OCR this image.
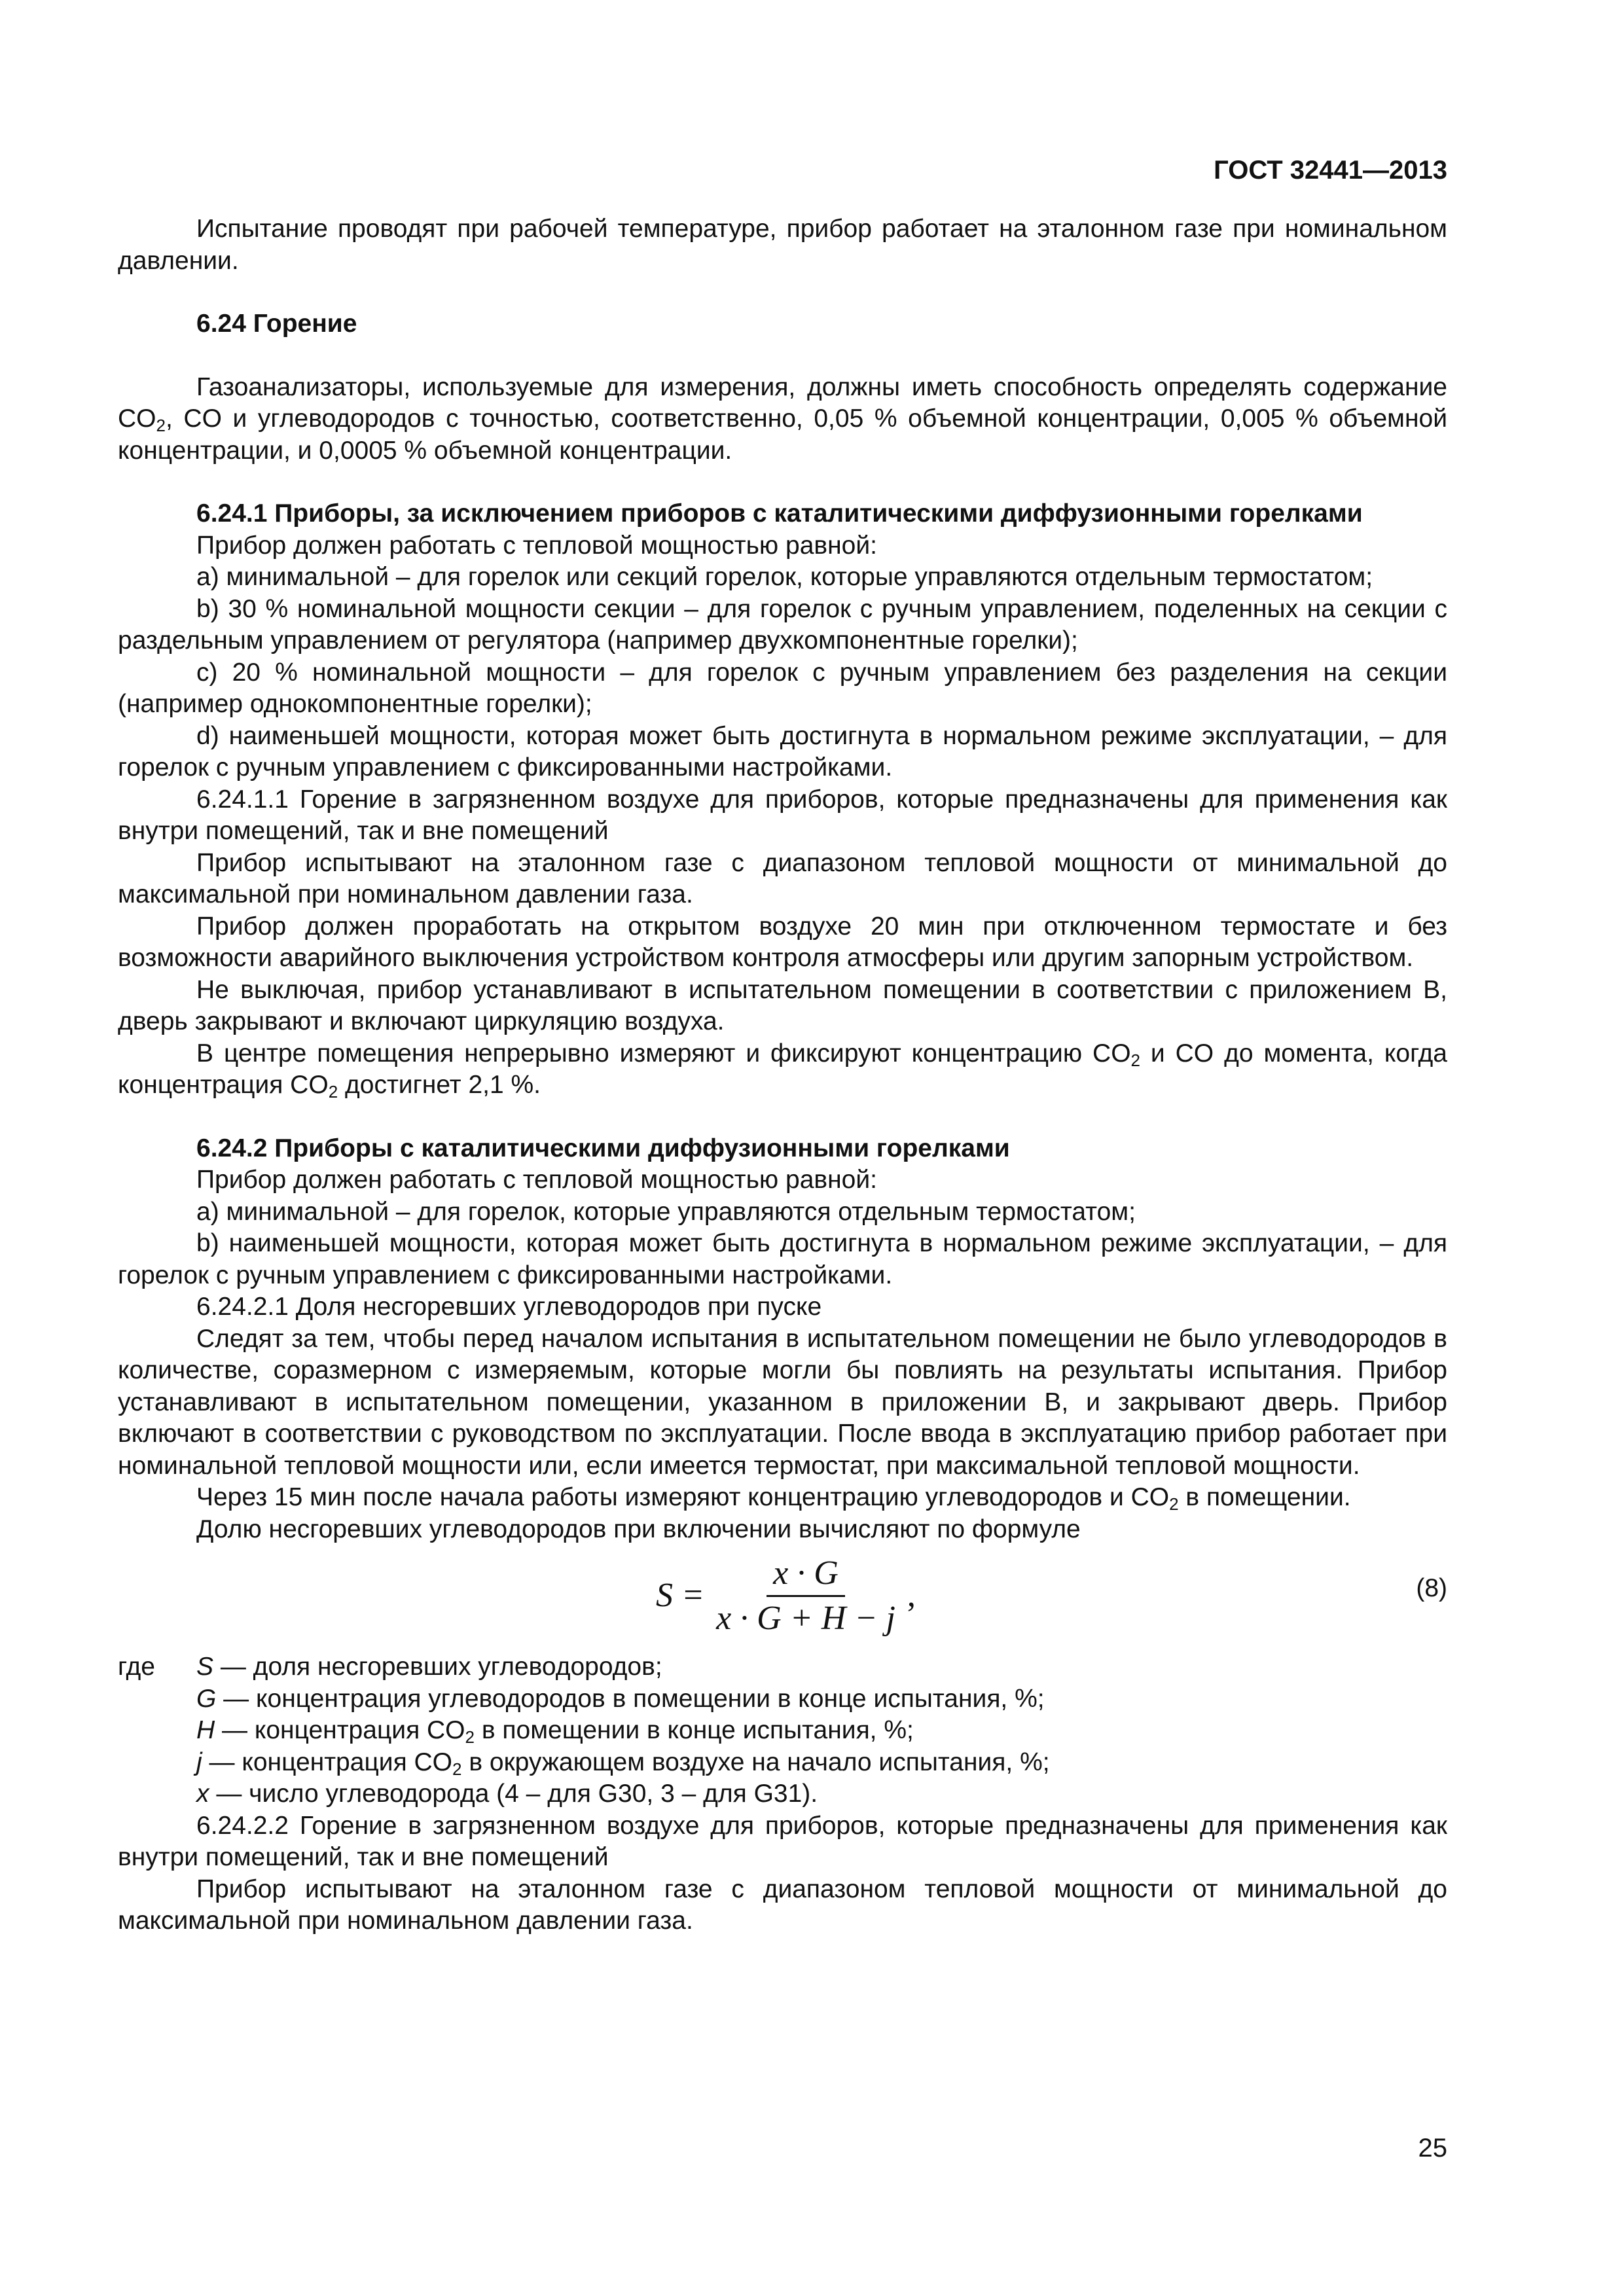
ГОСТ 32441—2013

Испытание проводят при рабочей температуре, прибор работает на эталонном газе при номинальном давлении.

6.24 Горение

Газоанализаторы, используемые для измерения, должны иметь способность определять содержание $CO_2$, CO и углеводородов с точностью, соответственно, 0,05 % объемной концентрации, 0,005 % объемной концентрации, и 0,0005 % объемной концентрации.

6.24.1 Приборы, за исключением приборов с каталитическими диффузионными горелками

Прибор должен работать с тепловой мощностью равной:

a) минимальной – для горелок или секций горелок, которые управляются отдельным термостатом;

b) 30 % номинальной мощности секции – для горелок с ручным управлением, поделенных на секции с раздельным управлением от регулятора (например двухкомпонентные горелки);

c) 20 % номинальной мощности – для горелок с ручным управлением без разделения на секции (например однокомпонентные горелки);

d) наименьшей мощности, которая может быть достигнута в нормальном режиме эксплуатации, – для горелок с ручным управлением с фиксированными настройками.

6.24.1.1 Горение в загрязненном воздухе для приборов, которые предназначены для применения как внутри помещений, так и вне помещений

Прибор испытывают на эталонном газе с диапазоном тепловой мощности от минимальной до максимальной при номинальном давлении газа.

Прибор должен проработать на открытом воздухе 20 мин при отключенном термостате и без возможности аварийного выключения устройством контроля атмосферы или другим запорным устройством.

Не выключая, прибор устанавливают в испытательном помещении в соответствии с приложением В, дверь закрывают и включают циркуляцию воздуха.

В центре помещения непрерывно измеряют и фиксируют концентрацию $CO_2$ и CO до момента, когда концентрация $CO_2$ достигнет 2,1 %.

6.24.2 Приборы с каталитическими диффузионными горелками

Прибор должен работать с тепловой мощностью равной:

a) минимальной – для горелок, которые управляются отдельным термостатом;

b) наименьшей мощности, которая может быть достигнута в нормальном режиме эксплуатации, – для горелок с ручным управлением с фиксированными настройками.

6.24.2.1 Доля несгоревших углеводородов при пуске

Следят за тем, чтобы перед началом испытания в испытательном помещении не было углеводородов в количестве, соразмерном с измеряемым, которые могли бы повлиять на результаты испытания. Прибор устанавливают в испытательном помещении, указанном в приложении В, и закрывают дверь. Прибор включают в соответствии с руководством по эксплуатации. После ввода в эксплуатацию прибор работает при номинальной тепловой мощности или, если имеется термостат, при максимальной тепловой мощности.

Через 15 мин после начала работы измеряют концентрацию углеводородов и $CO_2$ в помещении.

Долю несгоревших углеводородов при включении вычисляют по формуле

$S = \frac{x \cdot G}{x \cdot G + H - j}$ ,	(8)
где	S — доля несгоревших углеводородов;

G — концентрация углеводородов в помещении в конце испытания, %;

H — концентрация $CO_2$ в помещении в конце испытания, %;

j — концентрация $CO_2$ в окружающем воздухе на начало испытания, %;

x — число углеводорода (4 – для G30, 3 – для G31).

6.24.2.2 Горение в загрязненном воздухе для приборов, которые предназначены для применения как внутри помещений, так и вне помещений

Прибор испытывают на эталонном газе с диапазоном тепловой мощности от минимальной до максимальной при номинальном давлении газа.

25
